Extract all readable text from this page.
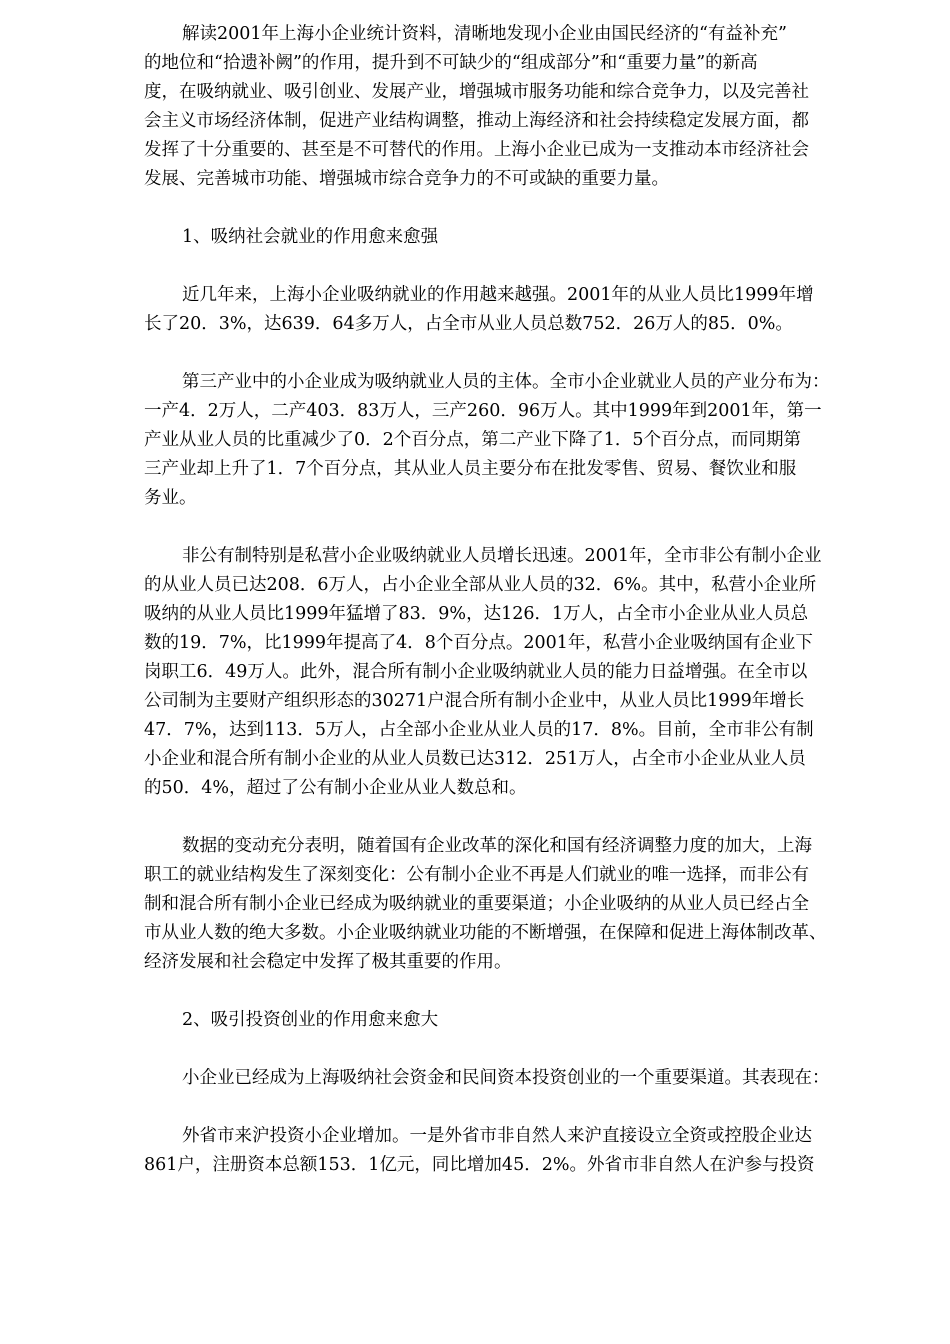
解读2001年上海小企业统计资料，清晰地发现小企业由国民经济的“有益补充”
的地位和“拾遗补阙”的作用，提升到不可缺少的“组成部分”和“重要力量”的新高
度，在吸纳就业、吸引创业、发展产业，增强城市服务功能和综合竞争力，以及完善社
会主义市场经济体制，促进产业结构调整，推动上海经济和社会持续稳定发展方面，都
发挥了十分重要的、甚至是不可替代的作用。上海小企业已成为一支推动本市经济社会
发展、完善城市功能、增强城市综合竞争力的不可或缺的重要力量。
1、吸纳社会就业的作用愈来愈强
近几年来，上海小企业吸纳就业的作用越来越强。2001年的从业人员比1999年增
长了20．3%，达639．64多万人，占全市从业人员总数752．26万人的85．0%。
第三产业中的小企业成为吸纳就业人员的主体。全市小企业就业人员的产业分布为：
一产4．2万人，二产403．83万人，三产260．96万人。其中1999年到2001年，第一
产业从业人员的比重减少了0．2个百分点，第二产业下降了1．5个百分点，而同期第
三产业却上升了1．7个百分点，其从业人员主要分布在批发零售、贸易、餐饮业和服
务业。
非公有制特别是私营小企业吸纳就业人员增长迅速。2001年，全市非公有制小企业
的从业人员已达208．6万人，占小企业全部从业人员的32．6%。其中，私营小企业所
吸纳的从业人员比1999年猛增了83．9%，达126．1万人，占全市小企业从业人员总
数的19．7%，比1999年提高了4．8个百分点。2001年，私营小企业吸纳国有企业下
岗职工6．49万人。此外，混合所有制小企业吸纳就业人员的能力日益增强。在全市以
公司制为主要财产组织形态的30271户混合所有制小企业中，从业人员比1999年增长
47．7%，达到113．5万人，占全部小企业从业人员的17．8%。目前，全市非公有制
小企业和混合所有制小企业的从业人员数已达312．251万人，占全市小企业从业人员
的50．4%，超过了公有制小企业从业人数总和。
数据的变动充分表明，随着国有企业改革的深化和国有经济调整力度的加大，上海
职工的就业结构发生了深刻变化：公有制小企业不再是人们就业的唯一选择，而非公有
制和混合所有制小企业已经成为吸纳就业的重要渠道；小企业吸纳的从业人员已经占全
市从业人数的绝大多数。小企业吸纳就业功能的不断增强，在保障和促进上海体制改革、
经济发展和社会稳定中发挥了极其重要的作用。
2、吸引投资创业的作用愈来愈大
小企业已经成为上海吸纳社会资金和民间资本投资创业的一个重要渠道。其表现在：
外省市来沪投资小企业增加。一是外省市非自然人来沪直接设立全资或控股企业达
861户，注册资本总额153．1亿元，同比增加45．2%。外省市非自然人在沪参与投资
